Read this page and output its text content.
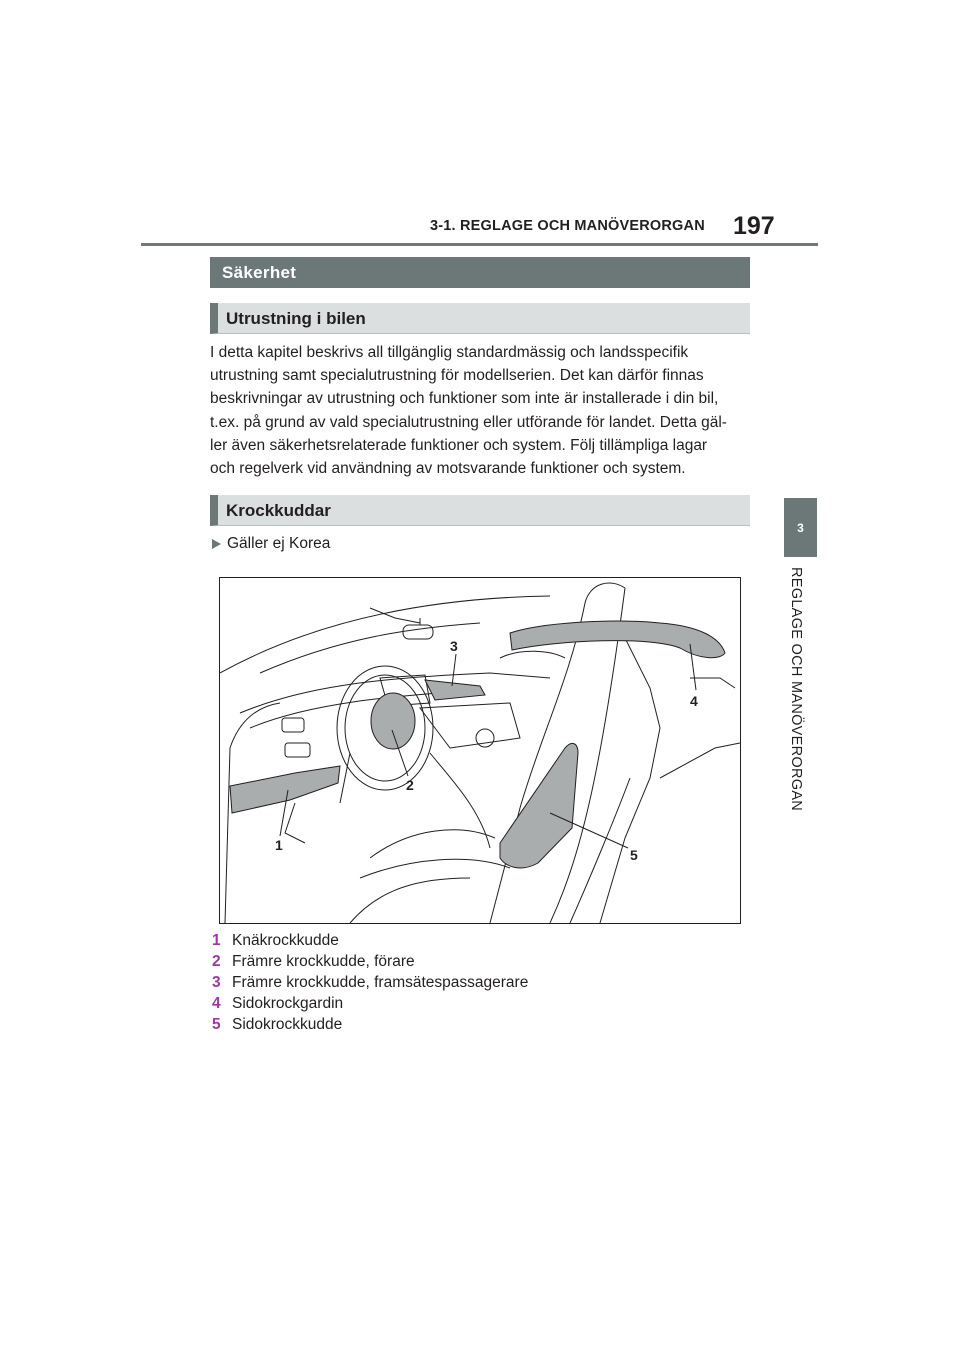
3-1. REGLAGE OCH MANÖVERORGAN 197
3
REGLAGE OCH MANÖVERORGAN
Säkerhet
Utrustning i bilen

I detta kapitel beskrivs all tillgänglig standardmässig och landsspecifik

utrustning samt specialutrustning för modellserien. Det kan därför finnas

beskrivningar av utrustning och funktioner som inte är installerade i din bil,

t.ex. på grund av vald specialutrustning eller utförande för landet. Detta gäl-

ler även säkerhetsrelaterade funktioner och system. Följ tillämpliga lagar

och regelverk vid användning av motsvarande funktioner och system.

Krockkuddar
Gäller ej Korea
1
2
3
4
5
1 Knäkrockkudde
2 Främre krockkudde, förare
3 Främre krockkudde, framsätespassagerare
4 Sidokrockgardin
5 Sidokrockkudde
